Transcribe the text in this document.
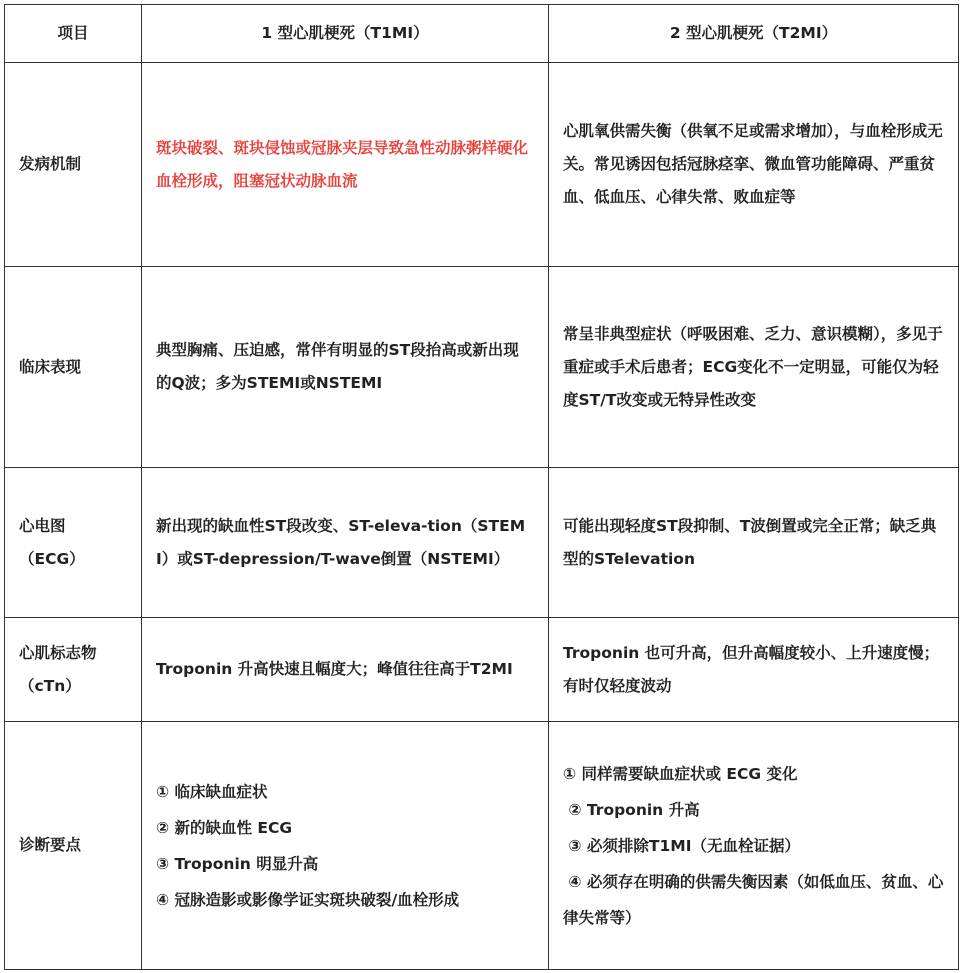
项目	1 型心肌梗死（T1MI）	2 型心肌梗死（T2MI）

发病机制	斑块破裂、斑块侵蚀或冠脉夹层导致急性动脉粥样硬化血栓形成，阻塞冠状动脉血流	心肌氧供需失衡（供氧不足或需求增加），与血栓形成无关。常见诱因包括冠脉痉挛、微血管功能障碍、严重贫血、低血压、心律失常、败血症等

临床表现	典型胸痛、压迫感，常伴有明显的ST段抬高或新出现的Q波；多为STEMI或NSTEMI	常呈非典型症状（呼吸困难、乏力、意识模糊），多见于重症或手术后患者；ECG变化不一定明显，可能仅为轻度ST/T改变或无特异性改变

心电图
（ECG）	新出现的缺血性ST段改变、ST-eleva‐tion（STEMI）或ST-depression/T-wave倒置（NSTEMI）	可能出现轻度ST段抑制、T波倒置或完全正常；缺乏典型的STelevation

心肌标志物
（cTn）	Troponin 升高快速且幅度大；峰值往往高于T2MI	Troponin 也可升高，但升高幅度较小、上升速度慢；有时仅轻度波动

诊断要点	① 临床缺血症状
② 新的缺血性 ECG
③ Troponin 明显升高
④ 冠脉造影或影像学证实斑块破裂/血栓形成	① 同样需要缺血症状或 ECG 变化
② Troponin 升高
③ 必须排除T1MI（无血栓证据）
④ 必须存在明确的供需失衡因素（如低血压、贫血、心律失常等）
